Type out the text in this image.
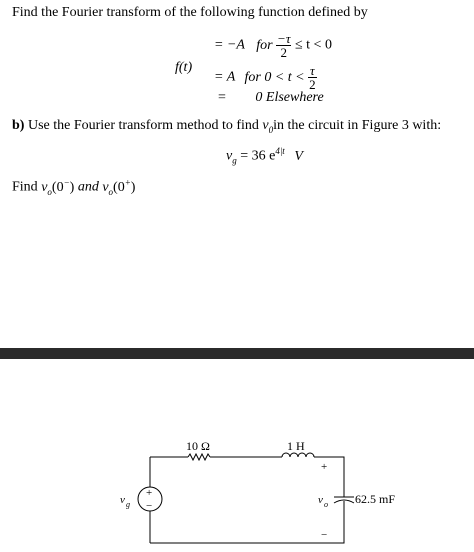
Find the Fourier transform of the following function defined by
f(t)
= −A for $\frac{-\tau}{2} \le t < 0$
= A for $0 < t < \frac{\tau}{2}$
= 0 Elsewhere
b) Use the Fourier transform method to find $v_0in$ the circuit in Figure 3 with:
$v_g = 36$ $e^{4|t}$ V
Find $v_o(0^-)$ and $v_o(0^+)$
10 Ω	1 H
+
−
v g
+
−
v o 62.5 mF
